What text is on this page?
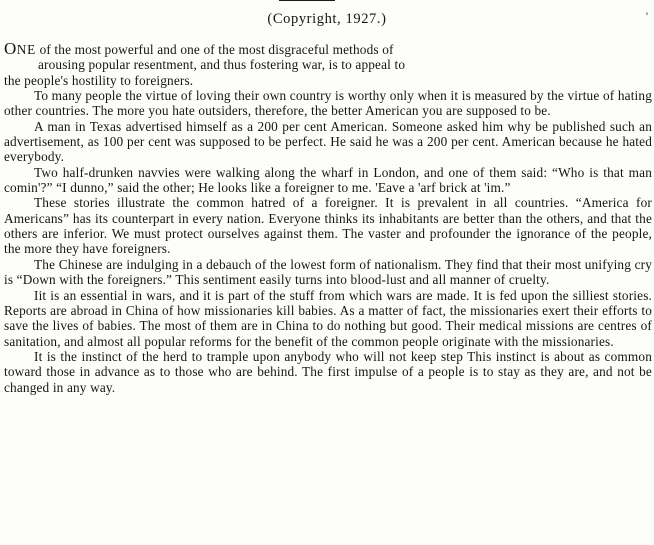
(Copyright, 1927.)	'

ONE of the most powerful and one of the most disgraceful methods of
arousing popular resentment, and thus fostering war, is to appeal to
the people's hostility to foreigners.

To many people the virtue of loving their own country is worthy only when it is measured by the virtue of hating other countries. The more you hate outsiders, therefore, the better American you are supposed to be.

A man in Texas advertised himself as a 200 per cent American. Someone asked him why be published such an advertisement, as 100 per cent was supposed to be perfect. He said he was a 200 per cent. American because he hated everybody.

Two half-drunken navvies were walking along the wharf in London, and one of them said: “Who is that man comin'?” “I dunno,” said the other; He looks like a foreigner to me. 'Eave a 'arf brick at 'im.”

These stories illustrate the common hatred of a foreigner. It is prevalent in all countries. “America for Americans” has its counterpart in every nation. Everyone thinks its inhabitants are better than the others, and that the others are inferior. We must protect ourselves against them. The vaster and profounder the ignorance of the people, the more they have foreigners.

The Chinese are indulging in a debauch of the lowest form of nationalism. They find that their most unifying cry is “Down with the foreigners.” This sentiment easily turns into blood-lust and all manner of cruelty.

Iit is an essential in wars, and it is part of the stuff from which wars are made. It is fed upon the silliest stories. Reports are abroad in China of how missionaries kill babies. As a matter of fact, the missionaries exert their efforts to save the lives of babies. The most of them are in China to do nothing but good. Their medical missions are centres of sanitation, and almost all popular reforms for the benefit of the common people originate with the missionaries.

It is the instinct of the herd to trample upon anybody who will not keep step This instinct is about as common toward those in advance as to those who are behind. The first impulse of a people is to stay as they are, and not be changed in any way.
